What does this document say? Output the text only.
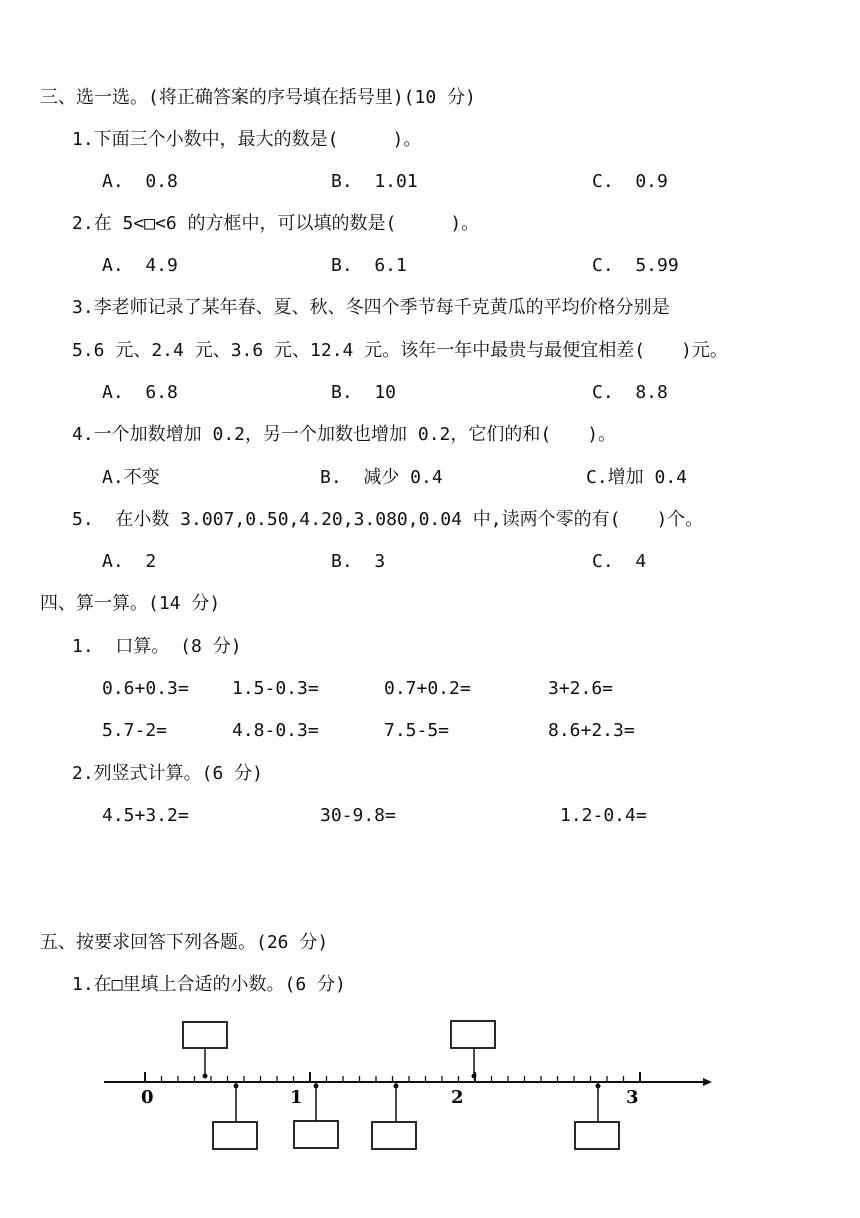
三、选一选。(将正确答案的序号填在括号里)(10 分)
1.下面三个小数中，最大的数是(　　　)。
A.  0.8	B.  1.01	C.  0.9
2.在 5<□<6 的方框中，可以填的数是(　　　)。
A.  4.9	B.  6.1	C.  5.99
3.李老师记录了某年春、夏、秋、冬四个季节每千克黄瓜的平均价格分别是
5.6 元、2.4 元、3.6 元、12.4 元。该年一年中最贵与最便宜相差(　　)元。
A.  6.8	B.  10	C.  8.8
4.一个加数增加 0.2，另一个加数也增加 0.2，它们的和(　　)。
A.不变	B.  减少 0.4	C.增加 0.4
5.  在小数 3.007,0.50,4.20,3.080,0.04 中,读两个零的有(　　)个。
A.  2	B.  3	C.  4
四、算一算。(14 分)
1.  口算。 (8 分)
0.6+0.3= 1.5-0.3=	0.7+0.2=	3+2.6=
5.7-2=	4.8-0.3=	7.5-5=	8.6+2.3=
2.列竖式计算。(6 分)
4.5+3.2=	30-9.8=	1.2-0.4=
五、按要求回答下列各题。(26 分)
1.在□里填上合适的小数。(6 分)
0	1	2	3
